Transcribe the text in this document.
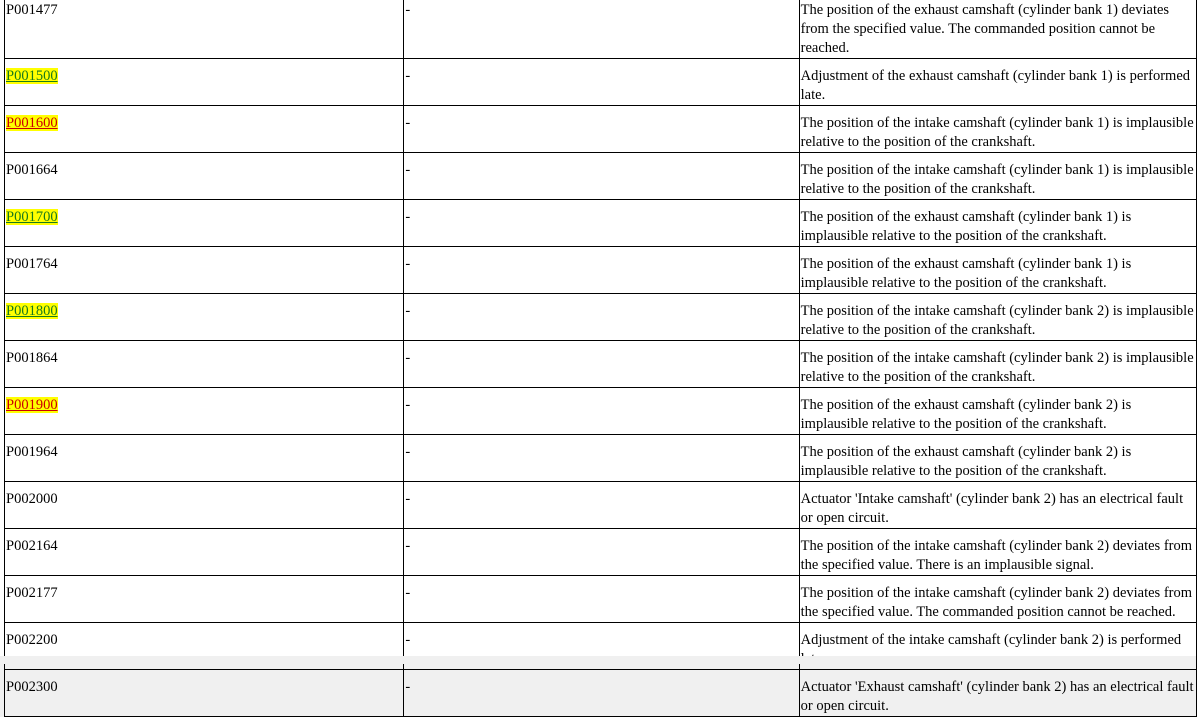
P001477	-	The position of the exhaust camshaft (cylinder bank 1) deviates from the specified value. The commanded position cannot be reached.
P001500	-	Adjustment of the exhaust camshaft (cylinder bank 1) is performed late.
P001600	-	The position of the intake camshaft (cylinder bank 1) is implausible relative to the position of the crankshaft.
P001664	-	The position of the intake camshaft (cylinder bank 1) is implausible relative to the position of the crankshaft.
P001700	-	The position of the exhaust camshaft (cylinder bank 1) is implausible relative to the position of the crankshaft.
P001764	-	The position of the exhaust camshaft (cylinder bank 1) is implausible relative to the position of the crankshaft.
P001800	-	The position of the intake camshaft (cylinder bank 2) is implausible relative to the position of the crankshaft.
P001864	-	The position of the intake camshaft (cylinder bank 2) is implausible relative to the position of the crankshaft.
P001900	-	The position of the exhaust camshaft (cylinder bank 2) is implausible relative to the position of the crankshaft.
P001964	-	The position of the exhaust camshaft (cylinder bank 2) is implausible relative to the position of the crankshaft.
P002000	-	Actuator 'Intake camshaft' (cylinder bank 2) has an electrical fault or open circuit.
P002164	-	The position of the intake camshaft (cylinder bank 2) deviates from the specified value. There is an implausible signal.
P002177	-	The position of the intake camshaft (cylinder bank 2) deviates from the specified value. The commanded position cannot be reached.
P002200	-	Adjustment of the intake camshaft (cylinder bank 2) is performed
P002300	-	Actuator 'Exhaust camshaft' (cylinder bank 2) has an electrical fault or open circuit.
